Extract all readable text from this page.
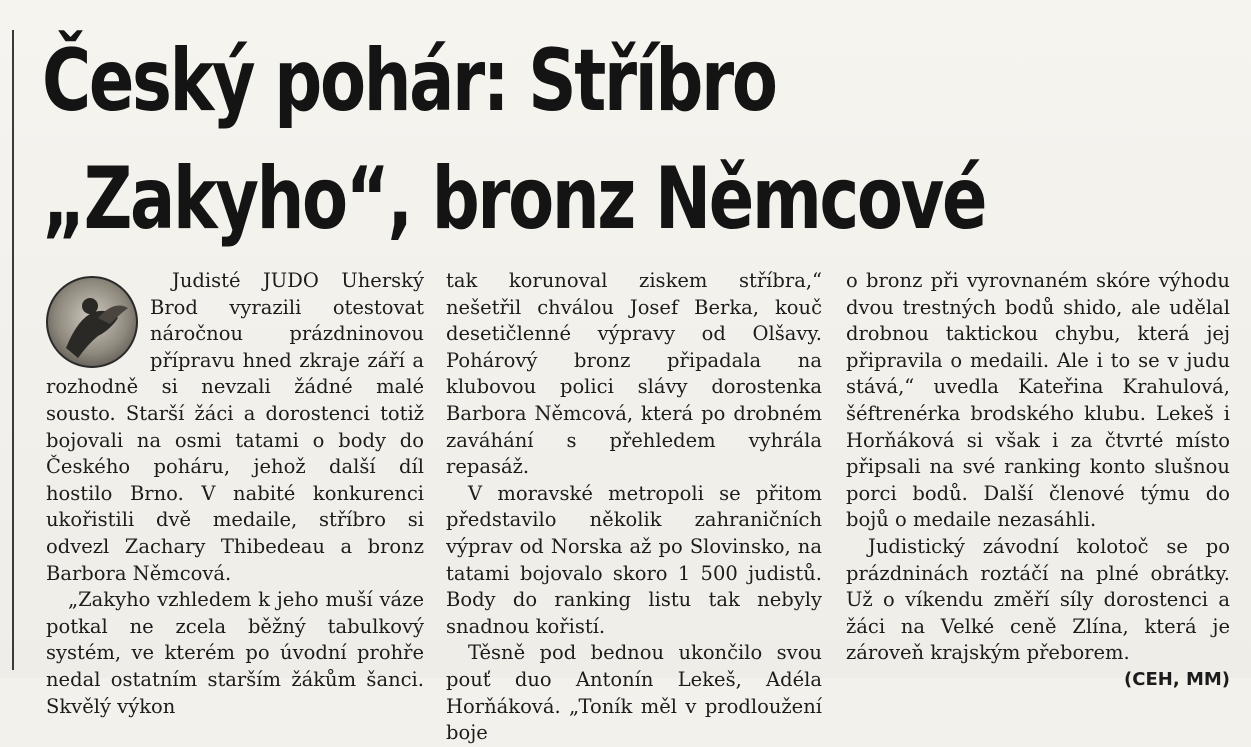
Český pohár: Stříbro
„Zakyho“, bronz Němcové

Judisté JUDO Uherský Brod vyrazili otestovat náročnou prázdninovou přípravu hned zkraje září a rozhodně si nevzali žádné malé sousto. Starší žáci a dorostenci totiž bojovali na osmi tatami o body do Českého poháru, jehož další díl hostilo Brno. V nabité konkurenci ukořistili dvě medaile, stříbro si odvezl Zachary Thibedeau a bronz Barbora Němcová.

„Zakyho vzhledem k jeho muší váze potkal ne zcela běžný tabulkový systém, ve kterém po úvodní prohře nedal ostatním starším žákům šanci. Skvělý výkon

tak korunoval ziskem stříbra,“ nešetřil chválou Josef Berka, kouč desetičlenné výpravy od Olšavy. Pohárový bronz připadala na klubovou polici slávy dorostenka Barbora Němcová, která po drobném zaváhání s přehledem vyhrála repasáž.

V moravské metropoli se přitom představilo několik zahraničních výprav od Norska až po Slovinsko, na tatami bojovalo skoro 1 500 judistů. Body do ranking listu tak nebyly snadnou kořistí.

Těsně pod bednou ukončilo svou pouť duo Antonín Lekeš, Adéla Horňáková. „Toník měl v prodloužení boje

o bronz při vyrovnaném skóre výhodu dvou trestných bodů shido, ale udělal drobnou taktickou chybu, která jej připravila o medaili. Ale i to se v judu stává,“ uvedla Kateřina Krahulová, šéftrenérka brodského klubu. Lekeš i Horňáková si však i za čtvrté místo připsali na své ranking konto slušnou porci bodů. Další členové týmu do bojů o medaile nezasáhli.

Judistický závodní kolotoč se po prázdninách roztáčí na plné obrátky. Už o víkendu změří síly dorostenci a žáci na Velké ceně Zlína, která je zároveň krajským přeborem.
(CEH, MM)
